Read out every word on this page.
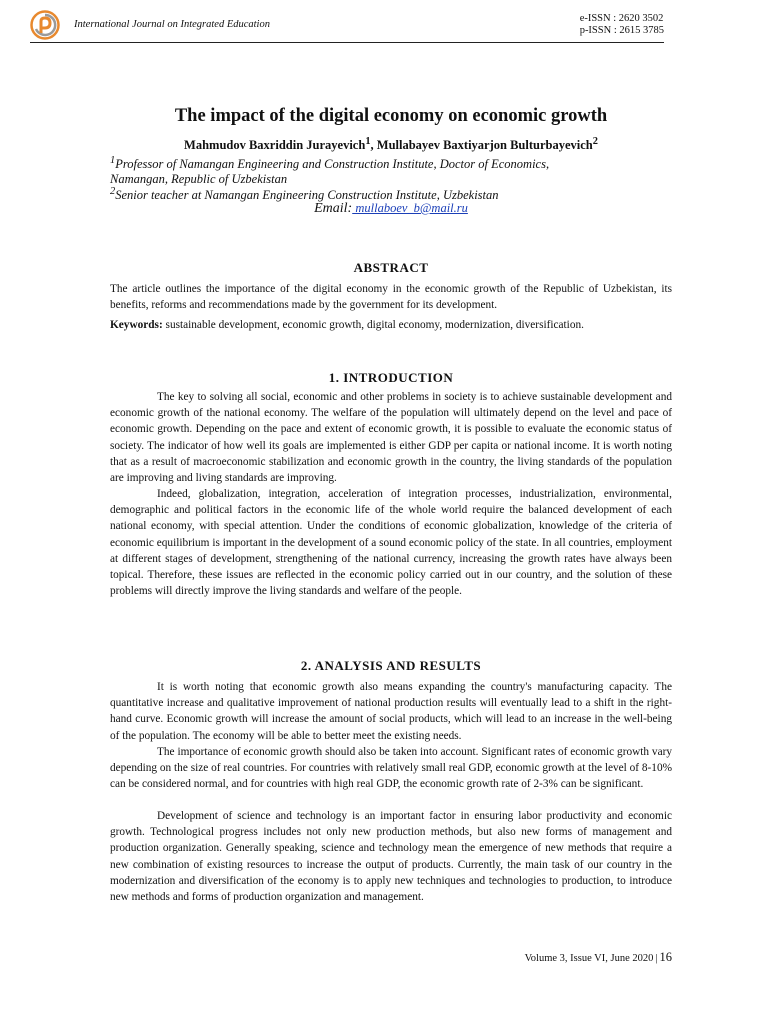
International Journal on Integrated Education
e-ISSN : 2620 3502
p-ISSN : 2615 3785
The impact of the digital economy on economic growth
Mahmudov Baxriddin Jurayevich$^1$, Mullabayev Baxtiyarjon Bulturbayevich$^2$
$^1$Professor of Namangan Engineering and Construction Institute, Doctor of Economics,
Namangan, Republic of Uzbekistan
$^2$Senior teacher at Namangan Engineering Construction Institute, Uzbekistan
Email: mullaboev_b@mail.ru
ABSTRACT
The article outlines the importance of the digital economy in the economic growth of the Republic of Uzbekistan, its benefits, reforms and recommendations made by the government for its development.
Keywords: sustainable development, economic growth, digital economy, modernization, diversification.
1. INTRODUCTION
The key to solving all social, economic and other problems in society is to achieve sustainable development and economic growth of the national economy. The welfare of the population will ultimately depend on the level and pace of economic growth. Depending on the pace and extent of economic growth, it is possible to evaluate the economic status of society. The indicator of how well its goals are implemented is either GDP per capita or national income. It is worth noting that as a result of macroeconomic stabilization and economic growth in the country, the living standards of the population are improving and living standards are improving.
Indeed, globalization, integration, acceleration of integration processes, industrialization, environmental, demographic and political factors in the economic life of the whole world require the balanced development of each national economy, with special attention. Under the conditions of economic globalization, knowledge of the criteria of economic equilibrium is important in the development of a sound economic policy of the state. In all countries, employment at different stages of development, strengthening of the national currency, increasing the growth rates have always been topical. Therefore, these issues are reflected in the economic policy carried out in our country, and the solution of these problems will directly improve the living standards and welfare of the people.
2. ANALYSIS AND RESULTS
It is worth noting that economic growth also means expanding the country's manufacturing capacity. The quantitative increase and qualitative improvement of national production results will eventually lead to a shift in the right-hand curve. Economic growth will increase the amount of social products, which will lead to an increase in the well-being of the population. The economy will be able to better meet the existing needs.
The importance of economic growth should also be taken into account. Significant rates of economic growth vary depending on the size of real countries. For countries with relatively small real GDP, economic growth at the level of 8-10% can be considered normal, and for countries with high real GDP, the economic growth rate of 2-3% can be significant.
Development of science and technology is an important factor in ensuring labor productivity and economic growth. Technological progress includes not only new production methods, but also new forms of management and production organization. Generally speaking, science and technology mean the emergence of new methods that require a new combination of existing resources to increase the output of products. Currently, the main task of our country in the modernization and diversification of the economy is to apply new techniques and technologies to production, to introduce new methods and forms of production organization and management.
Volume 3, Issue VI, June 2020 | 16
